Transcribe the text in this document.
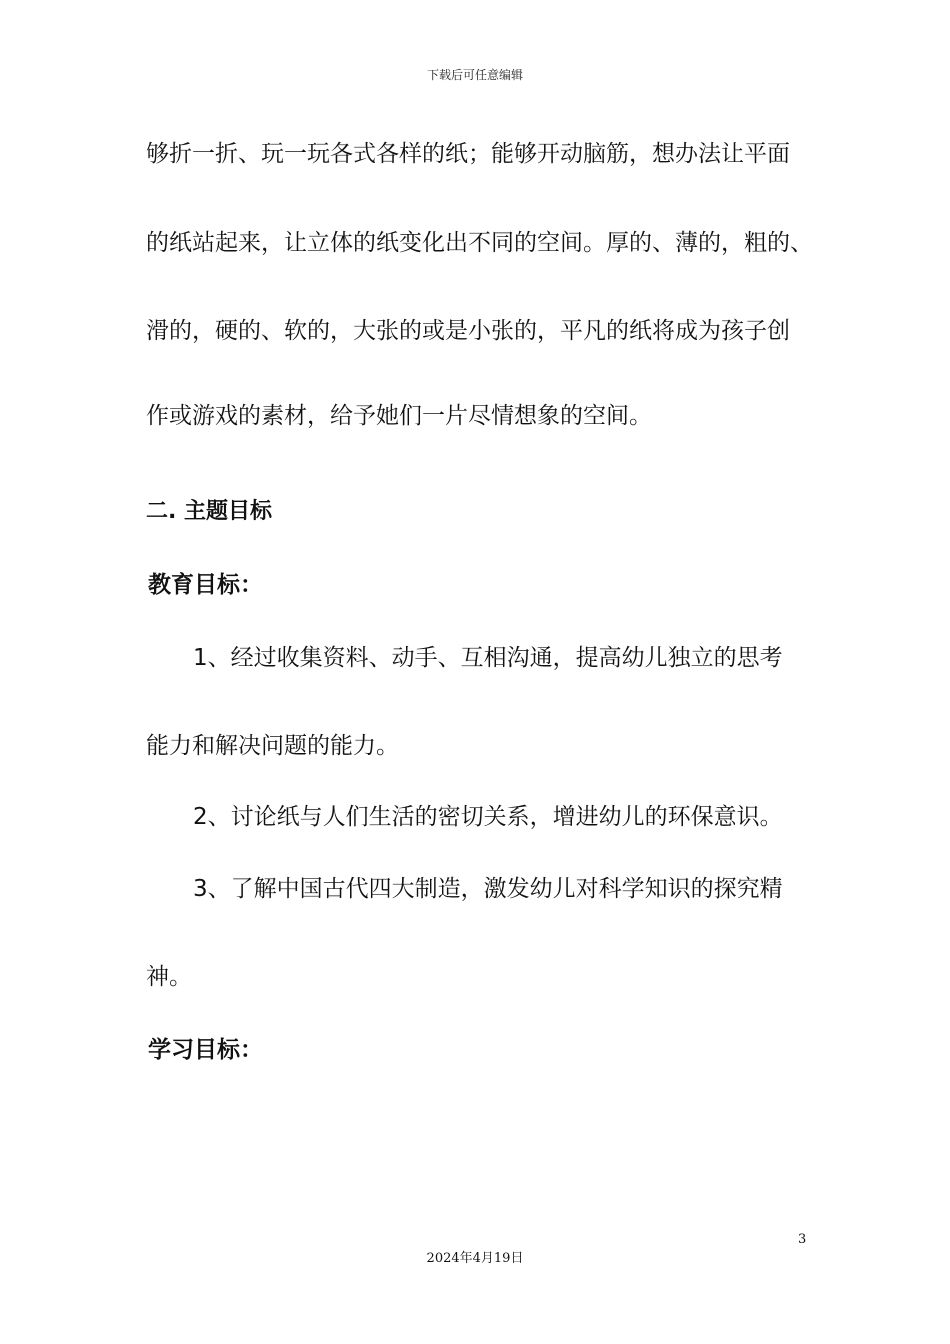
下载后可任意编辑
够折一折、玩一玩各式各样的纸；能够开动脑筋，想办法让平面
的纸站起来，让立体的纸变化出不同的空间。厚的、薄的，粗的、
滑的，硬的、软的，大张的或是小张的，平凡的纸将成为孩子创
作或游戏的素材，给予她们一片尽情想象的空间。
二. 主题目标
教育目标：
1、经过收集资料、动手、互相沟通，提高幼儿独立的思考
能力和解决问题的能力。
2、讨论纸与人们生活的密切关系，增进幼儿的环保意识。
3、了解中国古代四大制造，激发幼儿对科学知识的探究精
神。
学习目标：
3
2024年4月19日
